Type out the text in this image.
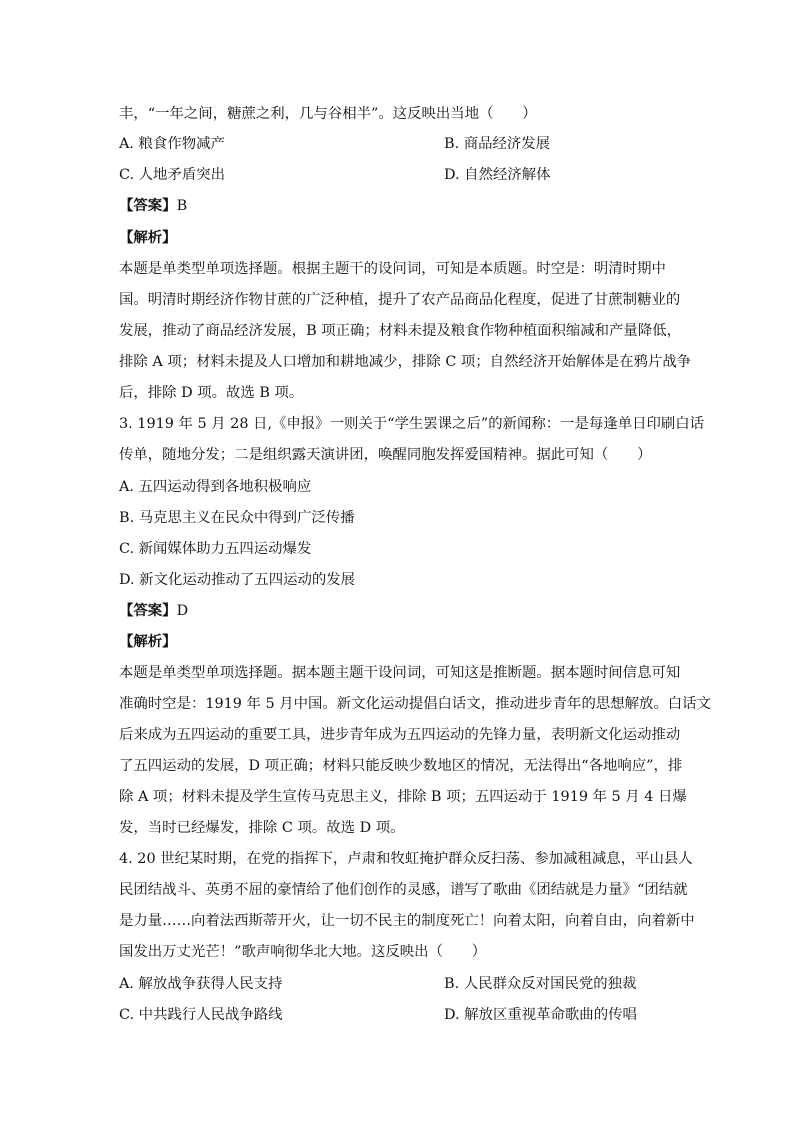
丰，“一年之间，糖蔗之利，几与谷相半”。这反映出当地（　　）
A. 粮食作物减产	B. 商品经济发展
C. 人地矛盾突出	D. 自然经济解体
【答案】B
【解析】
本题是单类型单项选择题。根据主题干的设问词，可知是本质题。时空是：明清时期中
国。明清时期经济作物甘蔗的广泛种植，提升了农产品商品化程度，促进了甘蔗制糖业的
发展，推动了商品经济发展，B 项正确；材料未提及粮食作物种植面积缩减和产量降低，
排除 A 项；材料未提及人口增加和耕地减少，排除 C 项；自然经济开始解体是在鸦片战争
后，排除 D 项。故选 B 项。
3. 1919 年 5 月 28 日,《申报》一则关于“学生罢课之后”的新闻称：一是每逢单日印刷白话
传单，随地分发；二是组织露天演讲团，唤醒同胞发挥爱国精神。据此可知（　　）
A. 五四运动得到各地积极响应
B. 马克思主义在民众中得到广泛传播
C. 新闻媒体助力五四运动爆发
D. 新文化运动推动了五四运动的发展
【答案】D
【解析】
本题是单类型单项选择题。据本题主题干设问词，可知这是推断题。据本题时间信息可知
准确时空是：1919 年 5 月中国。新文化运动提倡白话文，推动进步青年的思想解放。白话文
后来成为五四运动的重要工具，进步青年成为五四运动的先锋力量，表明新文化运动推动
了五四运动的发展，D 项正确；材料只能反映少数地区的情况，无法得出“各地响应”，排
除 A 项；材料未提及学生宣传马克思主义，排除 B 项；五四运动于 1919 年 5 月 4 日爆
发，当时已经爆发，排除 C 项。故选 D 项。
4. 20 世纪某时期，在党的指挥下，卢肃和牧虹掩护群众反扫荡、参加减租减息，平山县人
民团结战斗、英勇不屈的豪情给了他们创作的灵感，谱写了歌曲《团结就是力量》“团结就
是力量……向着法西斯蒂开火，让一切不民主的制度死亡！向着太阳，向着自由，向着新中
国发出万丈光芒！”歌声响彻华北大地。这反映出（　　）
A. 解放战争获得人民支持	B. 人民群众反对国民党的独裁
C. 中共践行人民战争路线	D. 解放区重视革命歌曲的传唱
